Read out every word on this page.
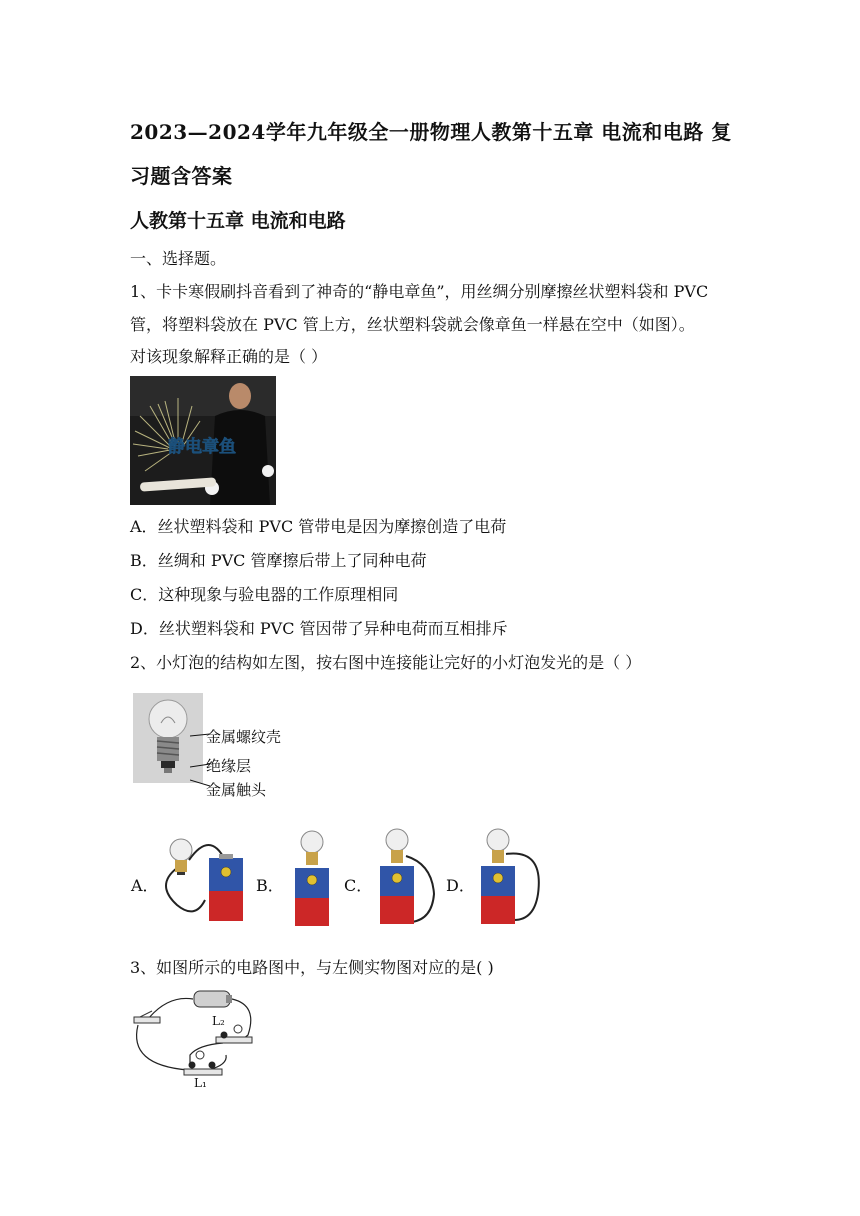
2023—2024学年九年级全一册物理人教第十五章 电流和电路 复
习题含答案
人教第十五章 电流和电路
一、选择题。
1、卡卡寒假刷抖音看到了神奇的“静电章鱼”，用丝绸分别摩擦丝状塑料袋和 PVC
管，将塑料袋放在 PVC 管上方，丝状塑料袋就会像章鱼一样悬在空中（如图）。
对该现象解释正确的是（ ）
静电章鱼
A．丝状塑料袋和 PVC 管带电是因为摩擦创造了电荷
B．丝绸和 PVC 管摩擦后带上了同种电荷
C．这种现象与验电器的工作原理相同
D．丝状塑料袋和 PVC 管因带了异种电荷而互相排斥
2、小灯泡的结构如左图，按右图中连接能让完好的小灯泡发光的是（ ）
金属螺纹壳
绝缘层
金属触头
A．	B．	C．	D．
3、如图所示的电路图中，与左侧实物图对应的是( )
L₂
L₁
